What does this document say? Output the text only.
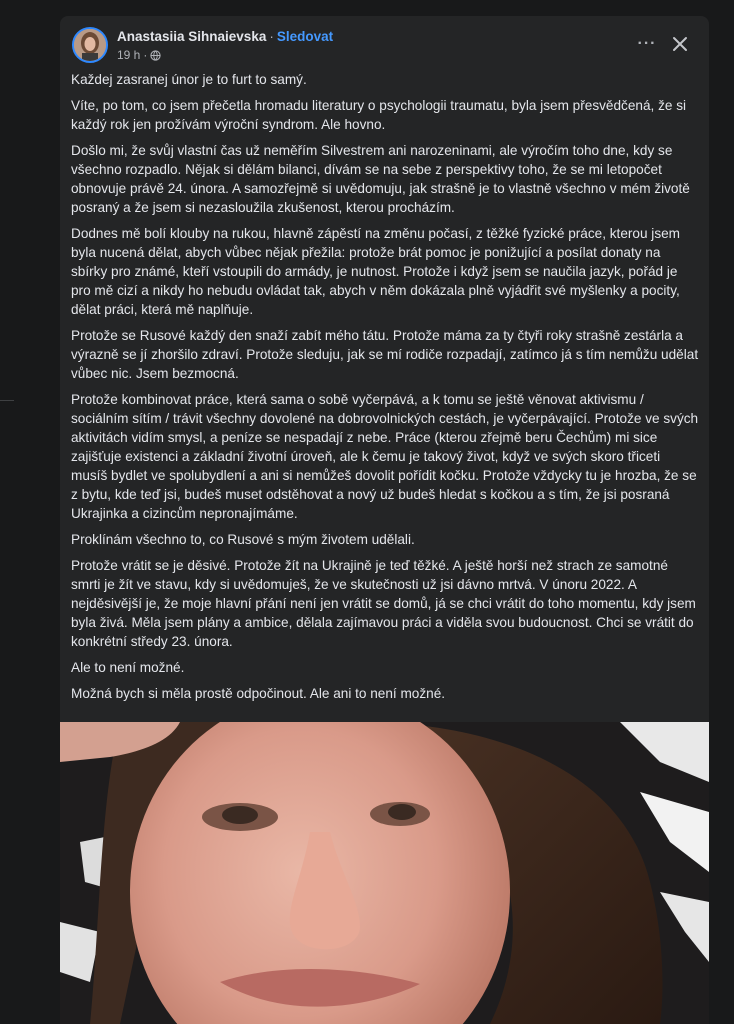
Anastasiia Sihnaievska · Sledovat
19 h ·
···

Každej zasranej únor je to furt to samý.

Víte, po tom, co jsem přečetla hromadu literatury o psychologii traumatu, byla jsem přesvědčená, že si každý rok jen prožívám výroční syndrom. Ale hovno.

Došlo mi, že svůj vlastní čas už neměřím Silvestrem ani narozeninami, ale výročím toho dne, kdy se všechno rozpadlo. Nějak si dělám bilanci, dívám se na sebe z perspektivy toho, že se mi letopočet obnovuje právě 24. února. A samozřejmě si uvědomuju, jak strašně je to vlastně všechno v mém životě posraný a že jsem si nezasloužila zkušenost, kterou procházím.

Dodnes mě bolí klouby na rukou, hlavně zápěstí na změnu počasí, z těžké fyzické práce, kterou jsem byla nucená dělat, abych vůbec nějak přežila: protože brát pomoc je ponižující a posílat donaty na sbírky pro známé, kteří vstoupili do armády, je nutnost. Protože i když jsem se naučila jazyk, pořád je pro mě cizí a nikdy ho nebudu ovládat tak, abych v něm dokázala plně vyjádřit své myšlenky a pocity, dělat práci, která mě naplňuje.

Protože se Rusové každý den snaží zabít mého tátu. Protože máma za ty čtyři roky strašně zestárla a výrazně se jí zhoršilo zdraví. Protože sleduju, jak se mí rodiče rozpadají, zatímco já s tím nemůžu udělat vůbec nic. Jsem bezmocná.

Protože kombinovat práce, která sama o sobě vyčerpává, a k tomu se ještě věnovat aktivismu / sociálním sítím / trávit všechny dovolené na dobrovolnických cestách, je vyčerpávající. Protože ve svých aktivitách vidím smysl, a peníze se nespadají z nebe. Práce (kterou zřejmě beru Čechům) mi sice zajišťuje existenci a základní životní úroveň, ale k čemu je takový život, když ve svých skoro třiceti musíš bydlet ve spolubydlení a ani si nemůžeš dovolit pořídit kočku. Protože vždycky tu je hrozba, že se z bytu, kde teď jsi, budeš muset odstěhovat a nový už budeš hledat s kočkou a s tím, že jsi posraná Ukrajinka a cizincům nepronajímáme.

Proklínám všechno to, co Rusové s mým životem udělali.

Protože vrátit se je děsivé. Protože žít na Ukrajině je teď těžké. A ještě horší než strach ze samotné smrti je žít ve stavu, kdy si uvědomuješ, že ve skutečnosti už jsi dávno mrtvá. V únoru 2022. A nejděsivější je, že moje hlavní přání není jen vrátit se domů, já se chci vrátit do toho momentu, kdy jsem byla živá. Měla jsem plány a ambice, dělala zajímavou práci a viděla svou budoucnost. Chci se vrátit do konkrétní středy 23. února.

Ale to není možné.

Možná bych si měla prostě odpočinout. Ale ani to není možné.
